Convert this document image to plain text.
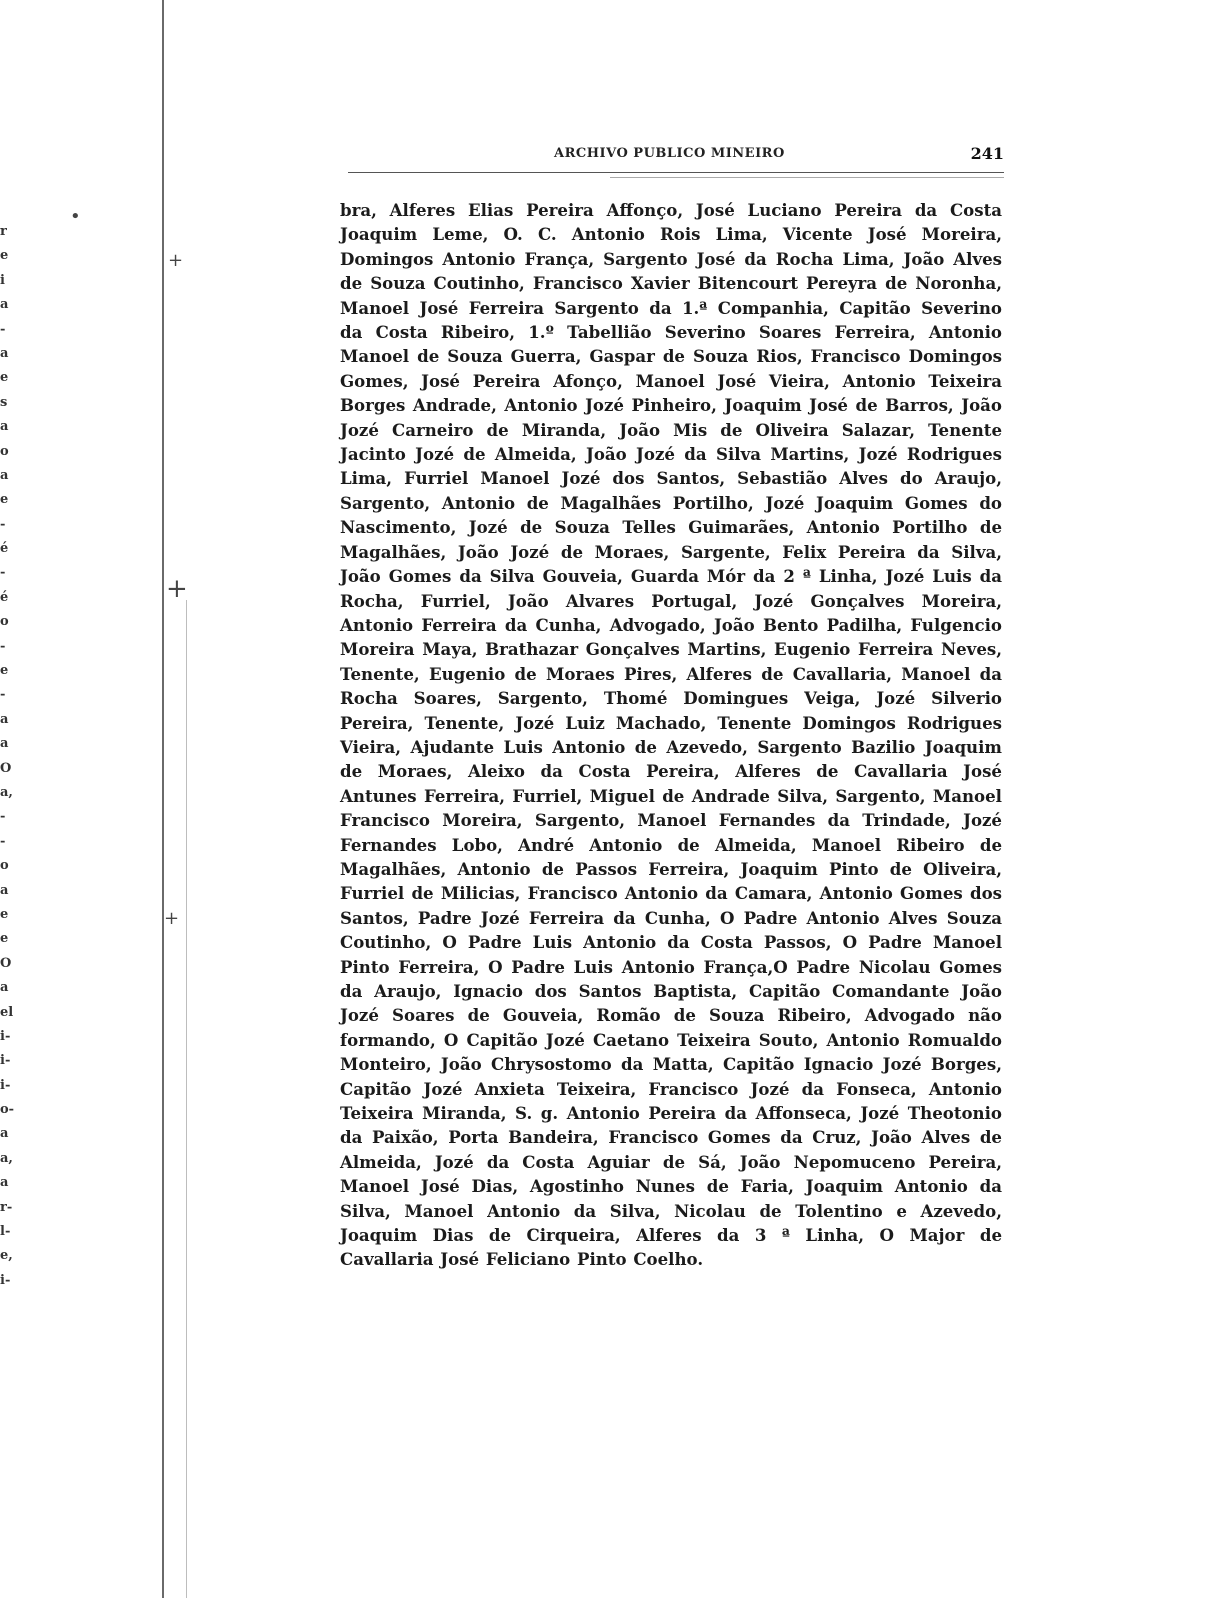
r
e
i
a
-
a
e
s
a
o
a
e
-
é
-
é
o
-
e
-
a
a
O
a,
-
-
o
a
e
e
O
a
el
i-
i-
i-
o-
a
a,
a
r-
l-
e,
i-
•
+
+
+
ARCHIVO PUBLICO MINEIRO	241

bra, Alferes Elias Pereira Affonço, José Luciano Pereira da Costa Joaquim Leme, O. C. Antonio Rois Lima, Vicente José Moreira, Domingos Antonio França, Sargento José da Rocha Lima, João Alves de Souza Coutinho, Francisco Xavier Bitencourt Pereyra de Noronha, Manoel José Ferreira Sargento da 1.ª Companhia, Capitão Severino da Costa Ribeiro, 1.º Tabellião Severino Soares Ferreira, Antonio Manoel de Souza Guerra, Gaspar de Souza Rios, Francisco Domingos Gomes, José Pereira Afonço, Manoel José Vieira, Antonio Teixeira Borges Andrade, Antonio Jozé Pinheiro, Joaquim José de Barros, João Jozé Carneiro de Miranda, João Mis de Oliveira Salazar, Tenente Jacinto Jozé de Almeida, João Jozé da Silva Martins, Jozé Rodrigues Lima, Furriel Manoel Jozé dos Santos, Sebastião Alves do Araujo, Sargento, Antonio de Magalhães Portilho, Jozé Joaquim Gomes do Nascimento, Jozé de Souza Telles Guimarães, Antonio Portilho de Magalhães, João Jozé de Moraes, Sargente, Felix Pereira da Silva, João Gomes da Silva Gouveia, Guarda Mór da 2 ª Linha, Jozé Luis da Rocha, Furriel, João Alvares Portugal, Jozé Gonçalves Moreira, Antonio Ferreira da Cunha, Advogado, João Bento Padilha, Fulgencio Moreira Maya, Brathazar Gonçalves Martins, Eugenio Ferreira Neves, Tenente, Eugenio de Moraes Pires, Alferes de Cavallaria, Manoel da Rocha Soares, Sargento, Thomé Domingues Veiga, Jozé Silverio Pereira, Tenente, Jozé Luiz Machado, Tenente Domingos Rodrigues Vieira, Ajudante Luis Antonio de Azevedo, Sargento Bazilio Joaquim de Moraes, Aleixo da Costa Pereira, Alferes de Cavallaria José Antunes Ferreira, Furriel, Miguel de Andrade Silva, Sargento, Manoel Francisco Moreira, Sargento, Manoel Fernandes da Trindade, Jozé Fernandes Lobo, André Antonio de Almeida, Manoel Ribeiro de Magalhães, Antonio de Passos Ferreira, Joaquim Pinto de Oliveira, Furriel de Milicias, Francisco Antonio da Camara, Antonio Gomes dos Santos, Padre Jozé Ferreira da Cunha, O Padre Antonio Alves Souza Coutinho, O Padre Luis Antonio da Costa Passos, O Padre Manoel Pinto Ferreira, O Padre Luis Antonio França,O Padre Nicolau Gomes da Araujo, Ignacio dos Santos Baptista, Capitão Comandante João Jozé Soares de Gouveia, Romão de Souza Ribeiro, Advogado não formando, O Capitão Jozé Caetano Teixeira Souto, Antonio Romualdo Monteiro, João Chrysostomo da Matta, Capitão Ignacio Jozé Borges, Capitão Jozé Anxieta Teixeira, Francisco Jozé da Fonseca, Antonio Teixeira Miranda, S. g. Antonio Pereira da Affonseca, Jozé Theotonio da Paixão, Porta Bandeira, Francisco Gomes da Cruz, João Alves de Almeida, Jozé da Costa Aguiar de Sá, João Nepomuceno Pereira, Manoel José Dias, Agostinho Nunes de Faria, Joaquim Antonio da Silva, Manoel Antonio da Silva, Nicolau de Tolentino e Azevedo, Joaquim Dias de Cirqueira, Alferes da 3 ª Linha, O Major de Cavallaria José Feliciano Pinto Coelho.
